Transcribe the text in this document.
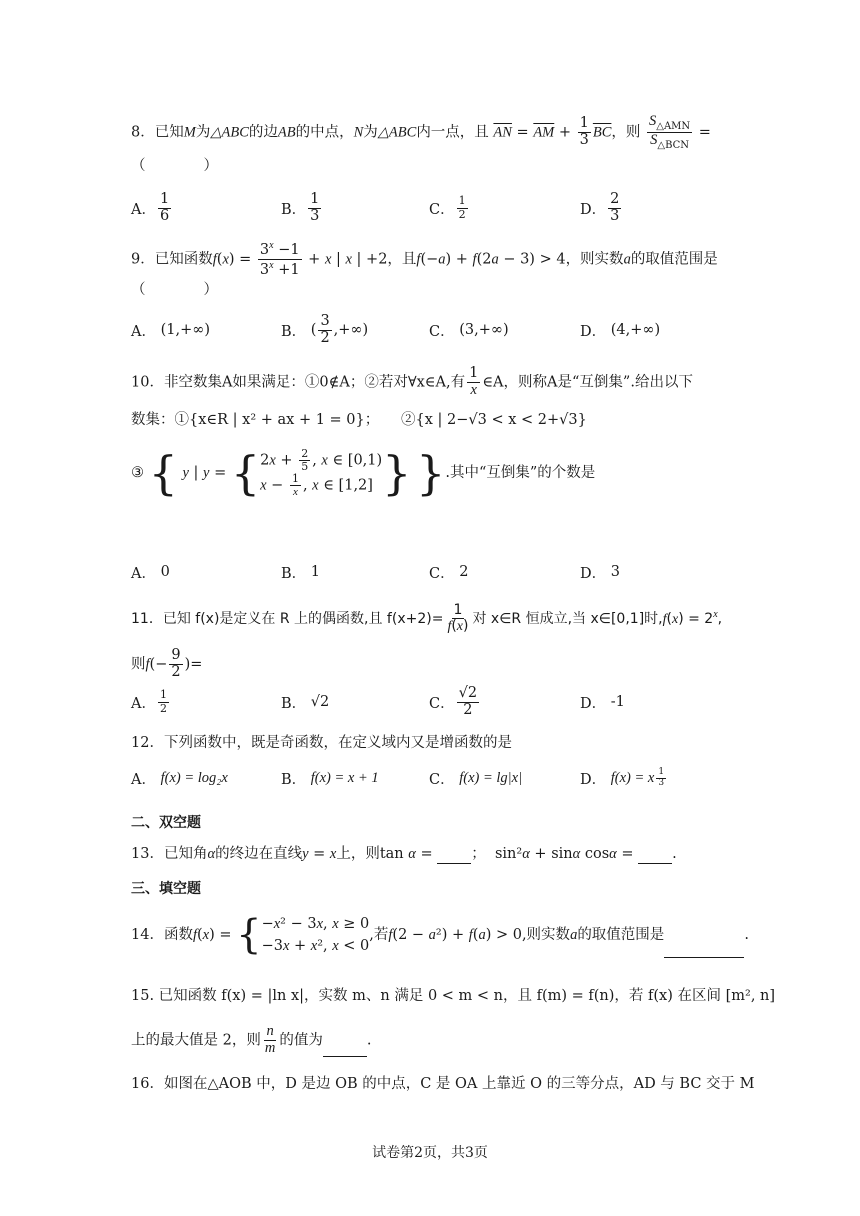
8．已知M为△ABC的边AB的中点，N为△ABC内一点，且 $\overline{AN} = \overline{AM} + \frac{1}{3} \overline{BC}$，则 $\frac{S_{\triangle AMN}}{S_{\triangle BCN}}$ =
（　　　　）
A． $\frac{1}{6}$	B． $\frac{1}{3}$	C． $\frac{1}{2}$	D． $\frac{2}{3}$
9．已知函数$f(x) = \frac{3^x -1}{3^x +1} + x$ | x | +2，且f(−a) + f(2a − 3) > 4，则实数a的取值范围是
（　　　　）
A．
(1,+∞)	B． ( $\frac{3}{2}$ ,+∞)	C．
(3,+∞)	D．
(4,+∞)
10．非空数集A如果满足：①0∉A；②若对∀x∈A,有 $\frac{1}{x}$ ∈A，则称A是“互倒集”.给出以下
数集：①{x∈R | x² + ax + 1 = 0}；　　②{x | 2−√3 < x < 2+√3}
③ { y | y = { $2x + \frac{2}{5}$ , x ∈ [0,1)
$x - \frac{1}{x}$ , x ∈ [1,2] } }.其中“互倒集”的个数是
A．
0	B．
1	C．
2	D．
3
11．已知 f(x)是定义在 R 上的偶函数,且 $f(x+2)= \frac{1}{f(x)}$ 对 x∈R 恒成立,当 x∈[0,1]时$,f(x) = 2^x$,
则$f(- \frac{9}{2}$ )=
A． $\frac{1}{2}$	B．
√2	C． $\frac{√2}{2}$	D．
-1
12．下列函数中，既是奇函数，在定义域内又是增函数的是
A．
f(x) = log₂x	B．
f(x) = x + 1	C．
f(x) = lg|x|	D．
f(x) = x $\frac{1}{3}$
二、双空题
13．已知角α的终边在直线y = x上，则tan α = ；  sin²α + sinα cosα = .
三、填空题
14．函数f(x) = { −x² − 3x, x ≥ 0
−3x + x², x < 0
,若f(2 − a²) + f(a) > 0,则实数a的取值范围是	.
15. 已知函数 f(x) = |ln x|，实数 m、n 满足 0 < m < n，且 f(m) = f(n)，若 f(x) 在区间 [m², n]
上的最大值是 2，则 $\frac{n}{m}$ 的值为	.
16．如图在△AOB 中，D 是边 OB 的中点，C 是 OA 上靠近 O 的三等分点，AD 与 BC 交于 M
试卷第2页，共3页
